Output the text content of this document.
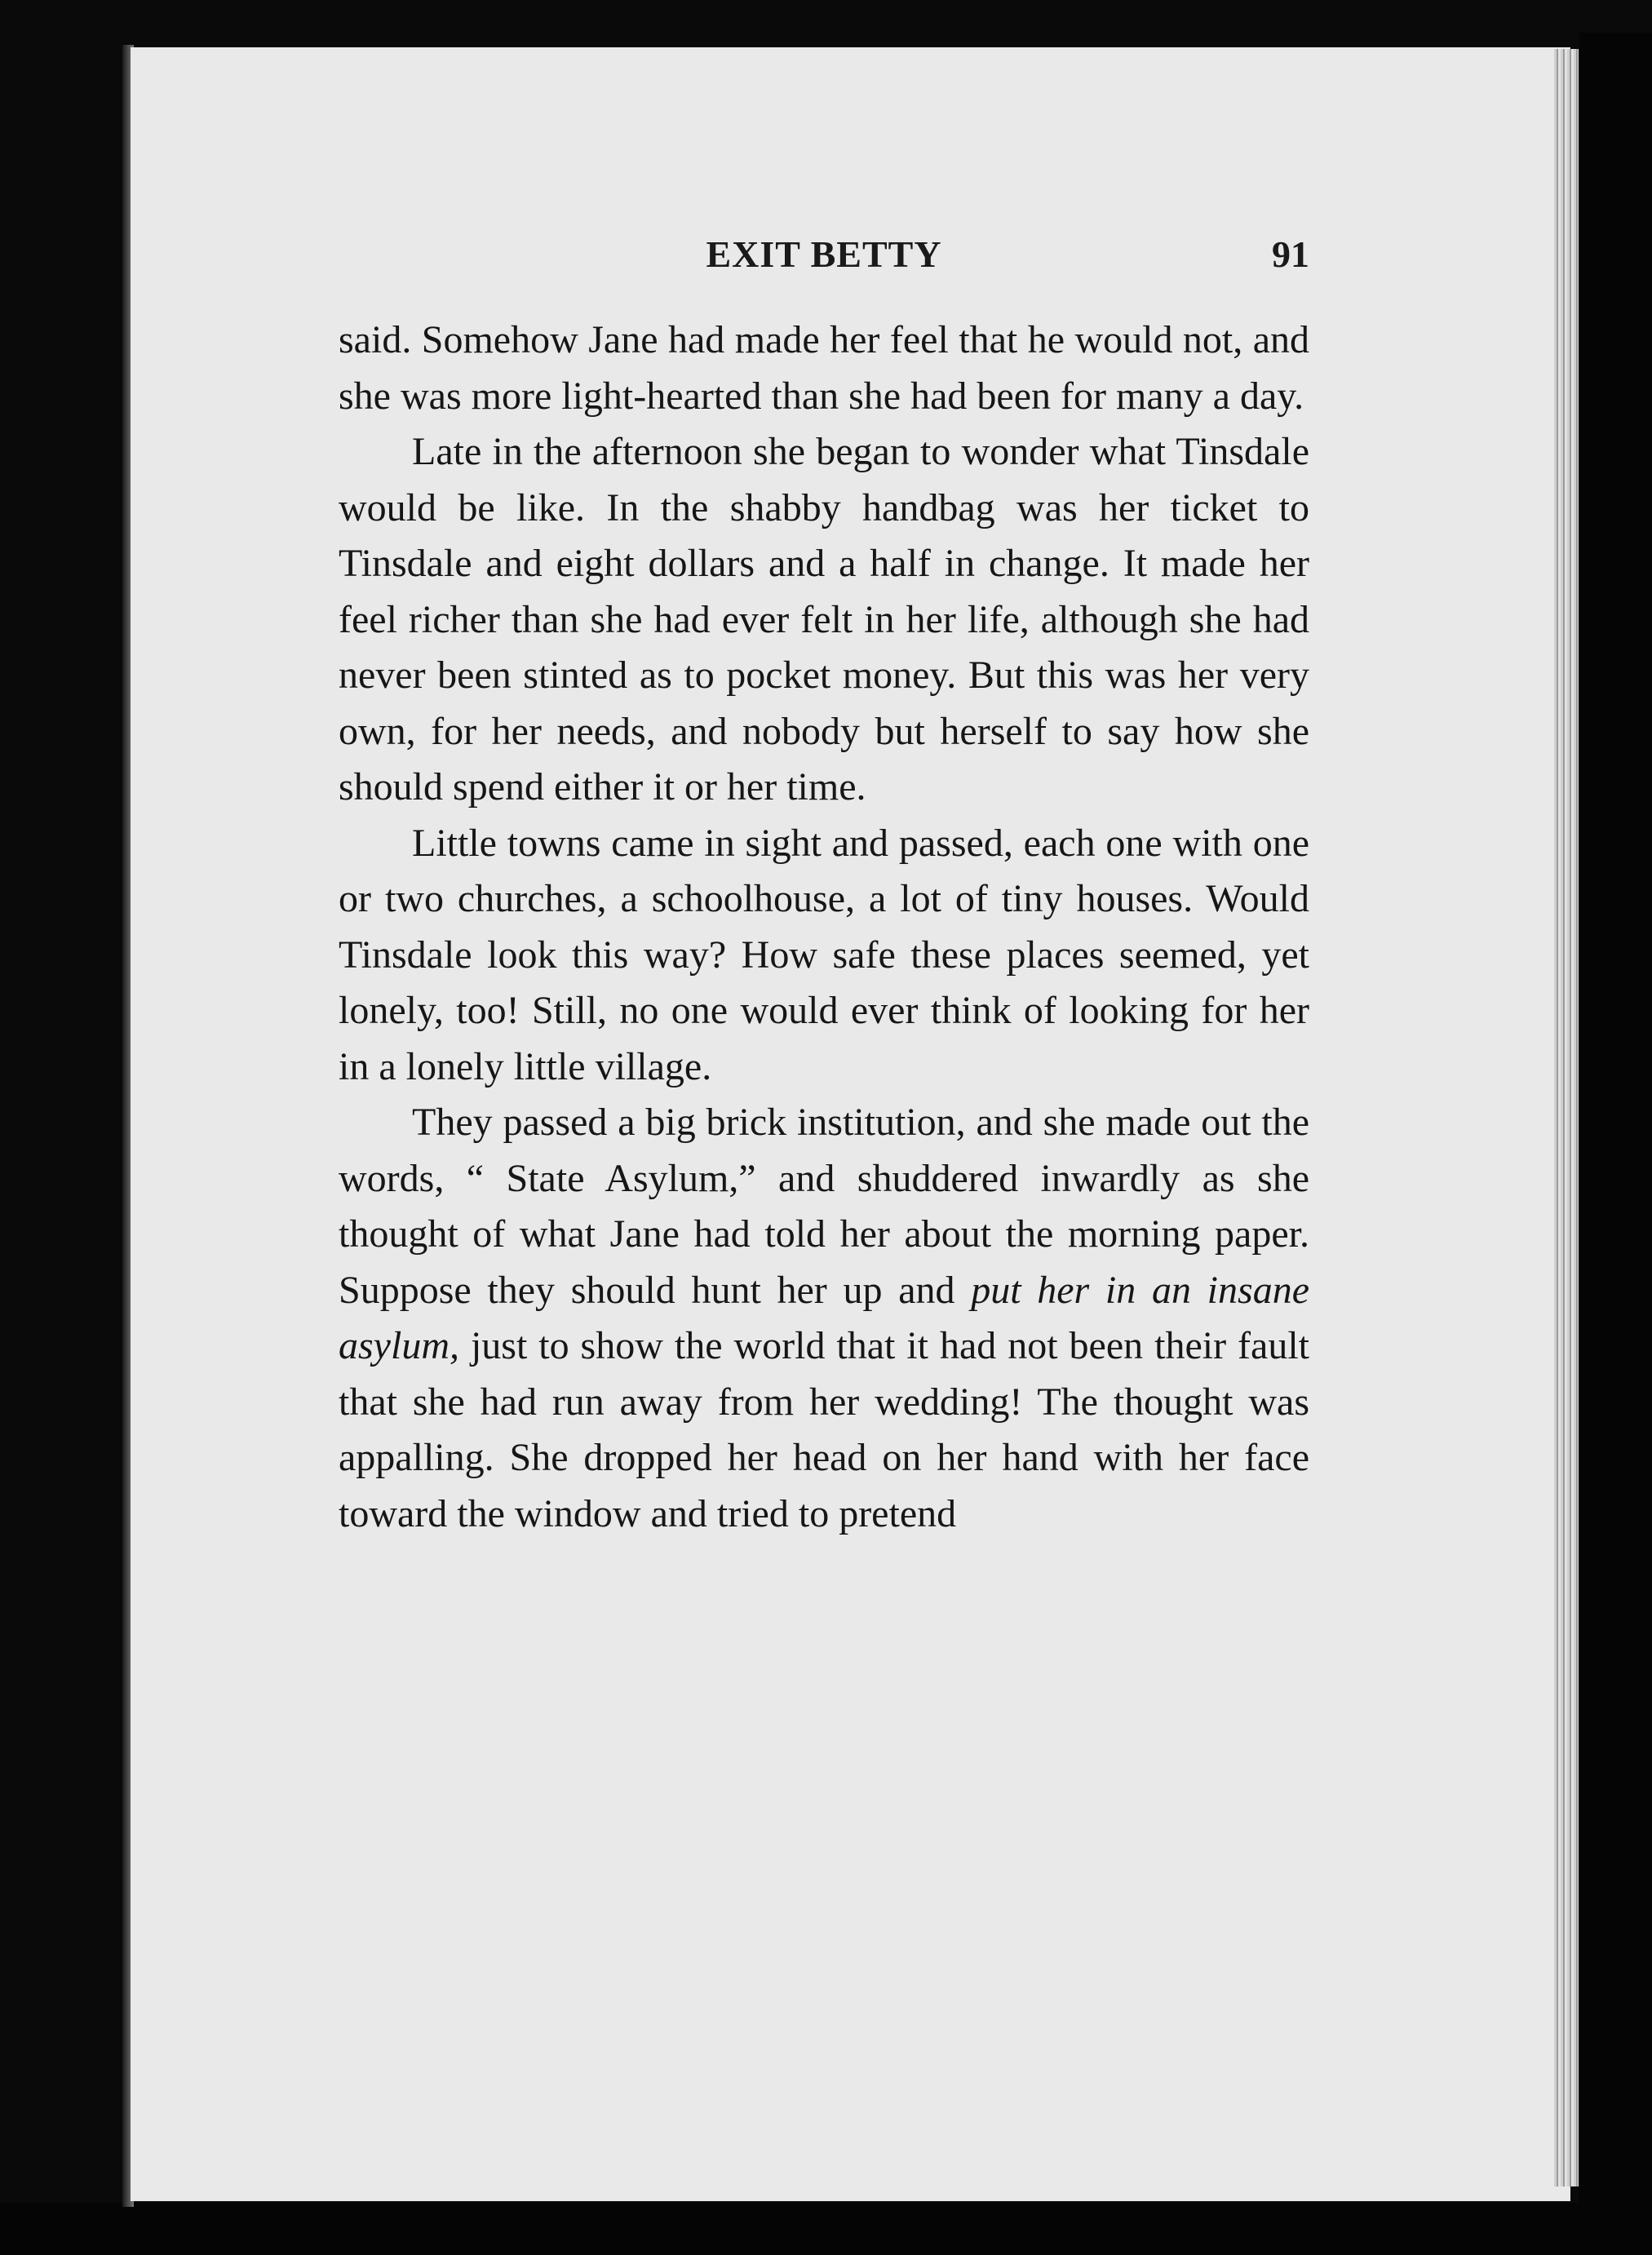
EXIT BETTY	91

said. Somehow Jane had made her feel that he would not, and she was more light-hearted than she had been for many a day.

Late in the afternoon she began to wonder what Tinsdale would be like. In the shabby handbag was her ticket to Tinsdale and eight dollars and a half in change. It made her feel richer than she had ever felt in her life, although she had never been stinted as to pocket money. But this was her very own, for her needs, and nobody but herself to say how she should spend either it or her time.

Little towns came in sight and passed, each one with one or two churches, a schoolhouse, a lot of tiny houses. Would Tinsdale look this way? How safe these places seemed, yet lonely, too! Still, no one would ever think of looking for her in a lonely little village.

They passed a big brick institution, and she made out the words, “ State Asylum,” and shuddered inwardly as she thought of what Jane had told her about the morning paper. Suppose they should hunt her up and put her in an insane asylum, just to show the world that it had not been their fault that she had run away from her wedding! The thought was appalling. She dropped her head on her hand with her face toward the window and tried to pretend
